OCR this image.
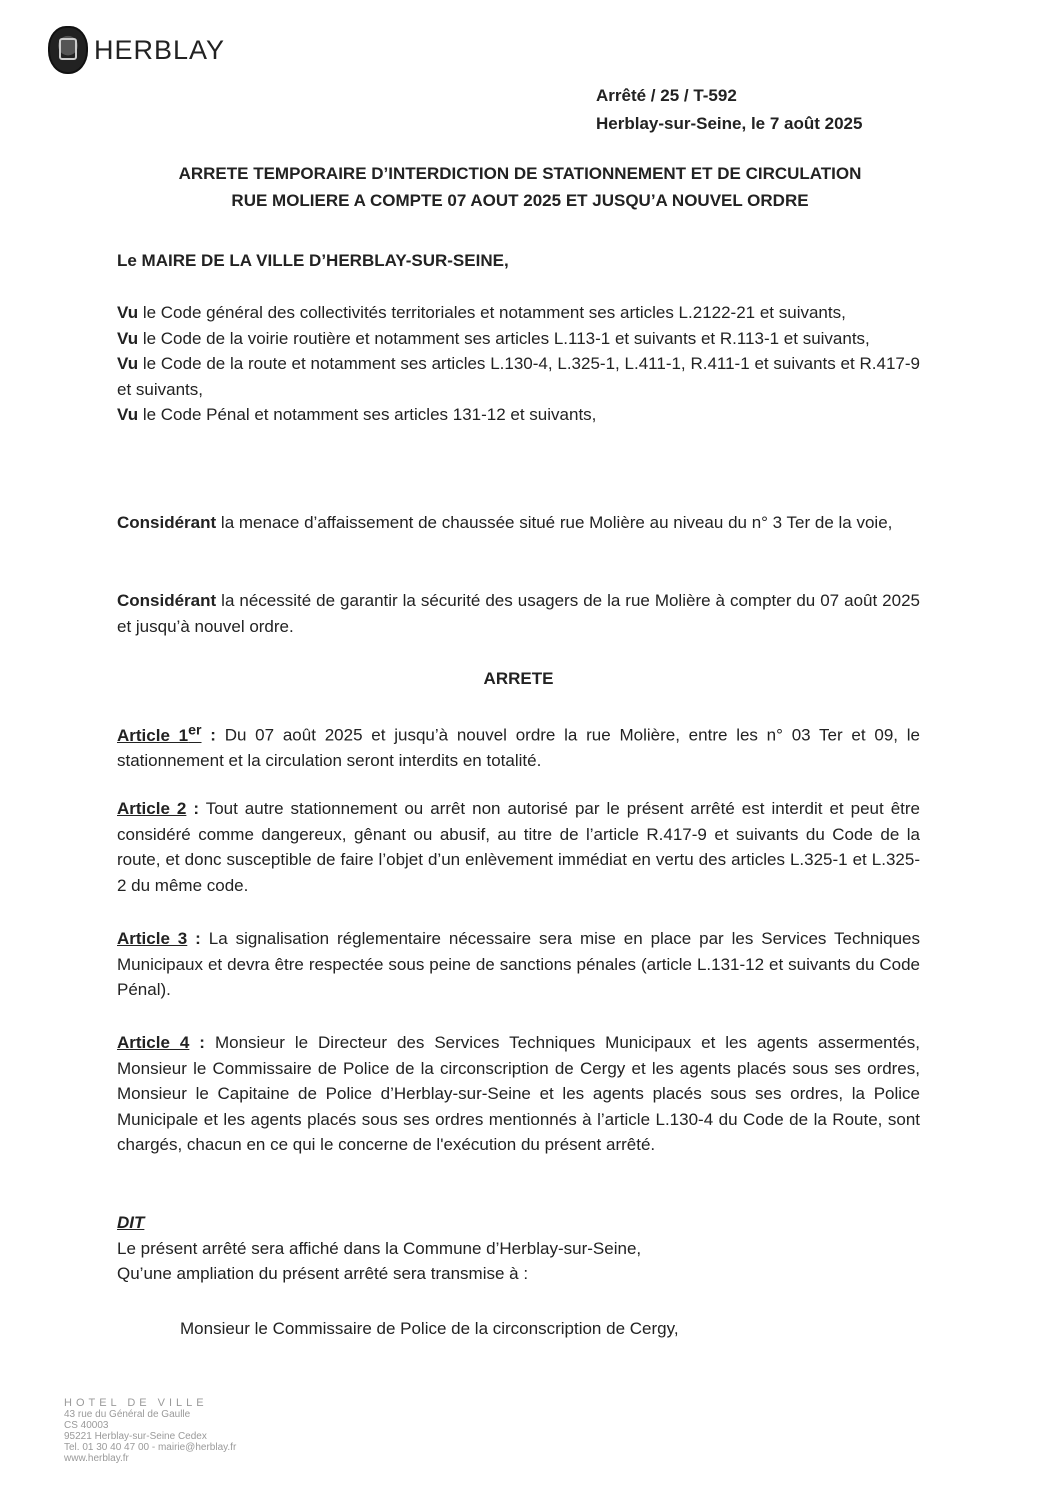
HERBLAY
Arrêté / 25 / T-592
Herblay-sur-Seine, le 7 août 2025
ARRETE TEMPORAIRE D’INTERDICTION DE STATIONNEMENT ET DE CIRCULATION
RUE MOLIERE A COMPTE 07 AOUT 2025 ET JUSQU’A NOUVEL ORDRE
Le MAIRE DE LA VILLE D’HERBLAY-SUR-SEINE,
Vu le Code général des collectivités territoriales et notamment ses articles L.2122-21 et suivants,
Vu le Code de la voirie routière et notamment ses articles L.113-1 et suivants et R.113-1 et suivants,
Vu le Code de la route et notamment ses articles L.130-4, L.325-1, L.411-1, R.411-1 et suivants et R.417-9 et suivants,
Vu le Code Pénal et notamment ses articles 131-12 et suivants,
Considérant la menace d’affaissement de chaussée situé rue Molière au niveau du n° 3 Ter de la voie,
Considérant la nécessité de garantir la sécurité des usagers de la rue Molière à compter du 07 août 2025 et jusqu’à nouvel ordre.
ARRETE
Article 1er : Du 07 août 2025 et jusqu’à nouvel ordre la rue Molière, entre les n° 03 Ter et 09, le stationnement et la circulation seront interdits en totalité.
Article 2 : Tout autre stationnement ou arrêt non autorisé par le présent arrêté est interdit et peut être considéré comme dangereux, gênant ou abusif, au titre de l’article R.417-9 et suivants du Code de la route, et donc susceptible de faire l’objet d’un enlèvement immédiat en vertu des articles L.325-1 et L.325-2 du même code.
Article 3 : La signalisation réglementaire nécessaire sera mise en place par les Services Techniques Municipaux et devra être respectée sous peine de sanctions pénales (article L.131-12 et suivants du Code Pénal).
Article 4 : Monsieur le Directeur des Services Techniques Municipaux et les agents assermentés, Monsieur le Commissaire de Police de la circonscription de Cergy et les agents placés sous ses ordres, Monsieur le Capitaine de Police d’Herblay-sur-Seine et les agents placés sous ses ordres, la Police Municipale et les agents placés sous ses ordres mentionnés à l’article L.130-4 du Code de la Route, sont chargés, chacun en ce qui le concerne de l'exécution du présent arrêté.
DIT
Le présent arrêté sera affiché dans la Commune d’Herblay-sur-Seine,
Qu’une ampliation du présent arrêté sera transmise à :
Monsieur le Commissaire de Police de la circonscription de Cergy,
HOTEL DE VILLE
43 rue du Général de Gaulle
CS 40003
95221 Herblay-sur-Seine Cedex
Tel. 01 30 40 47 00 - mairie@herblay.fr
www.herblay.fr
